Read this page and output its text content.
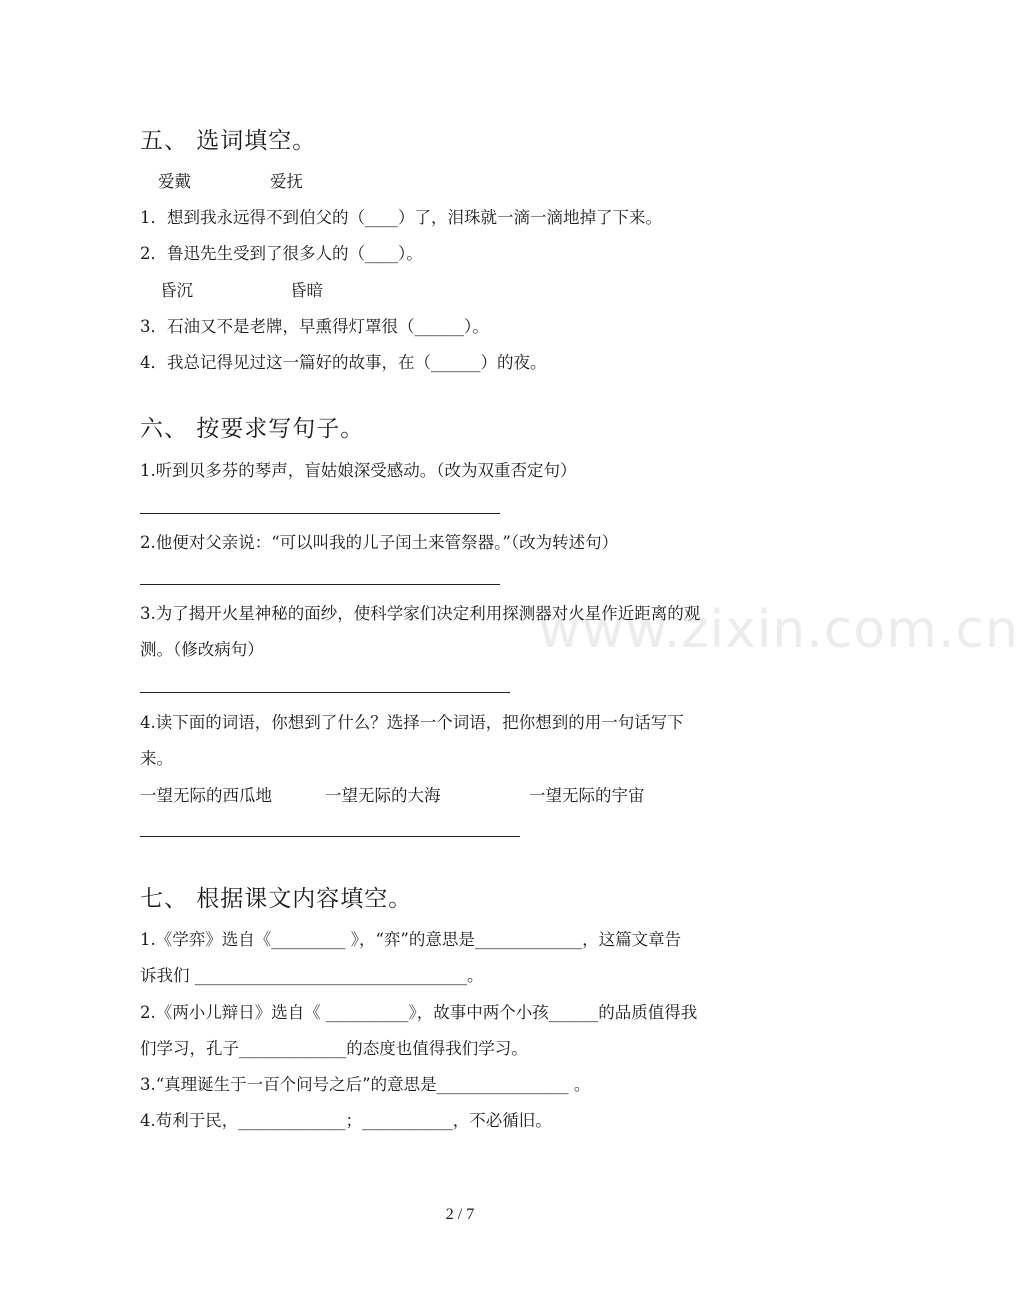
www.zixin.com.cn
五、 选词填空。
爱戴	爱抚
1．想到我永远得不到伯父的（____）了，泪珠就一滴一滴地掉了下来。
2．鲁迅先生受到了很多人的（____）。
昏沉	昏暗
3．石油又不是老牌，早熏得灯罩很（______）。
4．我总记得见过这一篇好的故事，在（______）的夜。
六、 按要求写句子。
1.听到贝多芬的琴声，盲姑娘深受感动。（改为双重否定句）
2.他便对父亲说：“可以叫我的儿子闰土来管祭器。”（改为转述句）
3.为了揭开火星神秘的面纱，使科学家们决定利用探测器对火星作近距离的观
测。（修改病句）
4.读下面的词语，你想到了什么？选择一个词语，把你想到的用一句话写下
来。
一望无际的西瓜地	一望无际的大海	一望无际的宇宙
七、 根据课文内容填空。
1.《学弈》选自《_________ 》，“弈”的意思是_____________，这篇文章告
诉我们 _________________________________。
2.《两小儿辩日》选自《 __________》，故事中两个小孩______的品质值得我
们学习，孔子_____________的态度也值得我们学习。
3.“真理诞生于一百个问号之后”的意思是________________ 。
4.苟利于民，_____________；___________，不必循旧。
2 / 7
